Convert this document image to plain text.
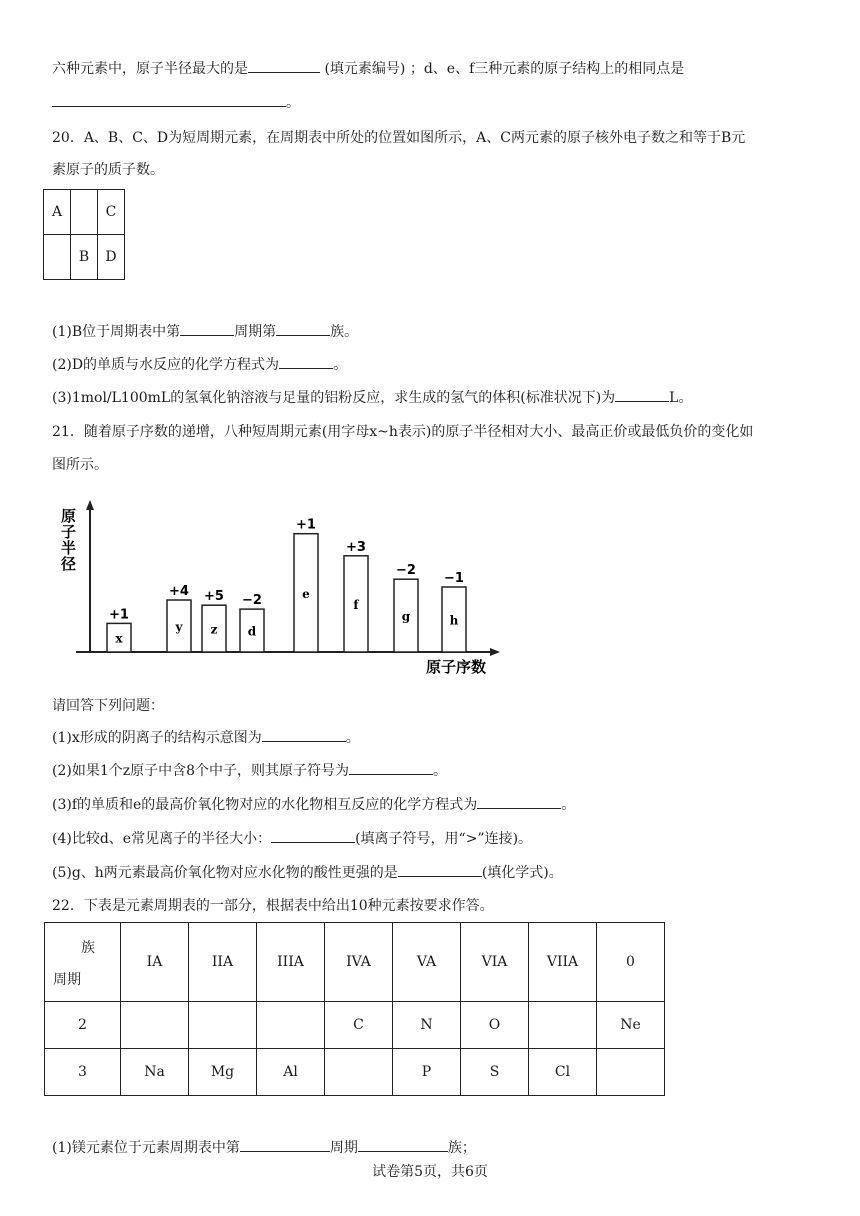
六种元素中，原子半径最大的是	(填元素编号) ；d、e、f三种元素的原子结构上的相同点是
。
20．A、B、C、D为短周期元素，在周期表中所处的位置如图所示，A、C两元素的原子核外电子数之和等于B元
素原子的质子数。
A		C
	B	D
(1)B位于周期表中第	周期第	族。
(2)D的单质与水反应的化学方程式为	。
(3)1mol/L100mL的氢氧化钠溶液与足量的铝粉反应，求生成的氢气的体积(标准状况下)为	L。
21．随着原子序数的递增，八种短周期元素(用字母x~h表示)的原子半径相对大小、最高正价或最低负价的变化如
图所示。
原子半径
原子序数
x
+1
y
+4
z
+5
d
−2	e
+1
f
+3
g
−2
h
−1
请回答下列问题：
(1)x形成的阴离子的结构示意图为	。
(2)如果1个z原子中含8个中子，则其原子符号为	。
(3)f的单质和e的最高价氧化物对应的水化物相互反应的化学方程式为	。
(4)比较d、e常见离子的半径大小：	(填离子符号，用“>”连接)。
(5)g、h两元素最高价氧化物对应水化物的酸性更强的是	(填化学式)。
22．下表是元素周期表的一部分，根据表中给出10种元素按要求作答。
族
周期	IA	IIA	IIIA	IVA	VA	VIA	VIIA	0
2				C	N	O		Ne
3	Na	Mg	Al		P	S	Cl	
(1)镁元素位于元素周期表中第	周期	族；
试卷第5页，共6页
